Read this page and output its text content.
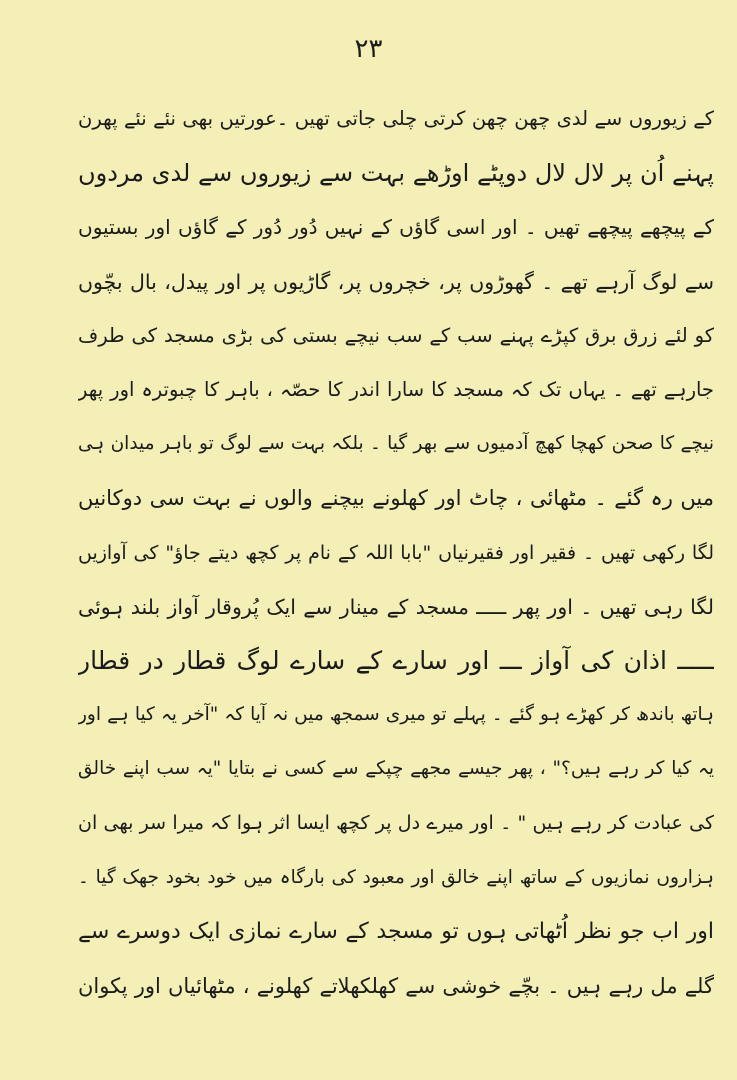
۲۳
کے زیوروں سے لدی چھن چھن کرتی چلی جاتی تھیں ۔عورتیں بھی نئے نئے پھرن
پہنے اُن پر لال لال دوپٹے اوڑھے بہت سے زیوروں سے لدی مردوں
کے پیچھے پیچھے تھیں ۔ اور اسی گاؤں کے نہیں دُور دُور کے گاؤں اور بستیوں
سے لوگ آرہے تھے ۔ گھوڑوں پر، خچروں پر، گاڑیوں پر اور پیدل، بال بچّوں
کو لئے زرق برق کپڑے پہنے سب کے سب نیچے بستی کی بڑی مسجد کی طرف
جارہے تھے ۔ یہاں تک کہ مسجد کا سارا اندر کا حصّہ ، باہر کا چبوترہ اور پھر
نیچے کا صحن کھچا کھچ آدمیوں سے بھر گیا ۔ بلکہ بہت سے لوگ تو باہر میدان ہی
میں رہ گئے ۔ مٹھائی ، چاٹ اور کھلونے بیچنے والوں نے بہت سی دوکانیں
لگا رکھی تھیں ۔ فقیر اور فقیرنیاں "بابا اللہ کے نام پر کچھ دیتے جاؤ" کی آوازیں
لگا رہی تھیں ۔ اور پھر ـــــ مسجد کے مینار سے ایک پُروقار آواز بلند ہوئی
ـــــ اذان کی آواز ـــ اور سارے کے سارے لوگ قطار در قطار
ہاتھ باندھ کر کھڑے ہو گئے ۔ پہلے تو میری سمجھ میں نہ آیا کہ "آخر یہ کیا ہے اور
یہ کیا کر رہے ہیں؟" ، پھر جیسے مجھے چپکے سے کسی نے بتایا "یہ سب اپنے خالق
کی عبادت کر رہے ہیں " ۔ اور میرے دل پر کچھ ایسا اثر ہوا کہ میرا سر بھی ان
ہزاروں نمازیوں کے ساتھ اپنے خالق اور معبود کی بارگاہ میں خود بخود جھک گیا ۔
اور اب جو نظر اُٹھاتی ہوں تو مسجد کے سارے نمازی ایک دوسرے سے
گلے مل رہے ہیں ۔ بچّے خوشی سے کھلکھلاتے کھلونے ، مٹھائیاں اور پکوان
